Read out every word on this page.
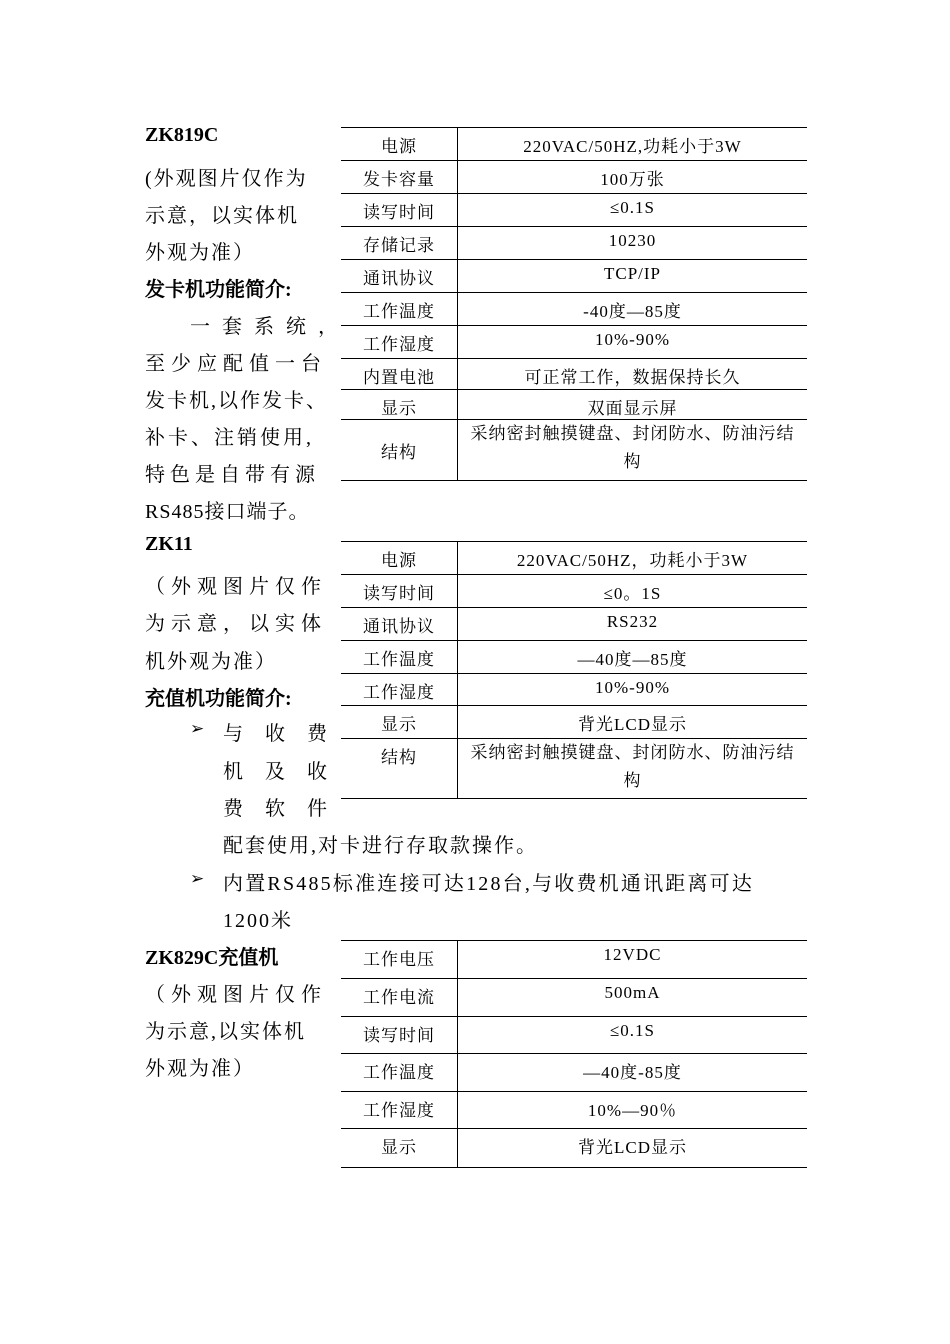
ZK819C
(外观图片仅作为
示意，以实体机
外观为准）
发卡机功能简介:
一套系统，
至少应配值一台
发卡机,以作发卡、
补卡、注销使用,
特色是自带有源
RS485接口端子。
电源	220VAC/50HZ,功耗小于3W
发卡容量	100万张
读写时间	≤0.1S
存储记录	10230
通讯协议	TCP/IP
工作温度	-40度—85度
工作湿度	10%-90%
内置电池	可正常工作，数据保持长久
显示	双面显示屏
结构	采纳密封触摸键盘、封闭防水、防油污结构
ZK11
（外观图片仅作
为示意，以实体
机外观为准）
充值机功能简介:
➢ 与收费
机及收
费软件
配套使用,对卡进行存取款操作。
➢ 内置RS485标准连接可达128台,与收费机通讯距离可达
1200米
电源	220VAC/50HZ，功耗小于3W
读写时间	≤0。1S
通讯协议	RS232
工作温度	—40度—85度
工作湿度	10%-90%
显示	背光LCD显示
结构	采纳密封触摸键盘、封闭防水、防油污结构
ZK829C充值机
（外观图片仅作
为示意,以实体机
外观为准）
工作电压	12VDC
工作电流	500mA
读写时间	≤0.1S
工作温度	—40度-85度
工作湿度	10%—90％
显示	背光LCD显示
